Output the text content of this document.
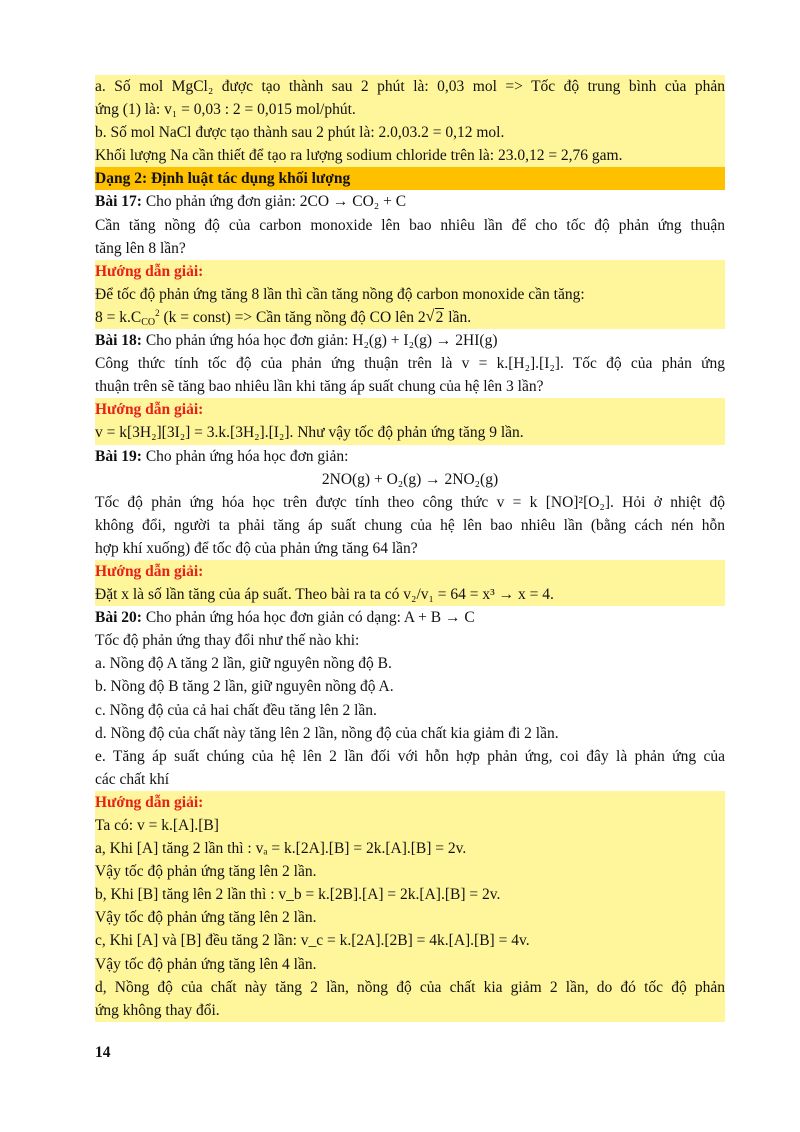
a. Số mol MgCl₂ được tạo thành sau 2 phút là: 0,03 mol => Tốc độ trung bình của phản
ứng (1) là: v₁ = 0,03 : 2 = 0,015 mol/phút.
b. Số mol NaCl được tạo thành sau 2 phút là: 2.0,03.2 = 0,12 mol.
Khối lượng Na cần thiết để tạo ra lượng sodium chloride trên là: 23.0,12 = 2,76 gam.
Dạng 2: Định luật tác dụng khối lượng
Bài 17: Cho phản ứng đơn giản: 2CO → CO₂ + C
Cần tăng nồng độ của carbon monoxide lên bao nhiêu lần để cho tốc độ phản ứng thuận
tăng lên 8 lần?
Hướng dẫn giải:
Để tốc độ phản ứng tăng 8 lần thì cần tăng nồng độ carbon monoxide cần tăng:
$8 = k.C_{CO}^2$ (k = const) => Cần tăng nồng độ CO lên 2√ 2 lần.
Bài 18: Cho phản ứng hóa học đơn giản: H₂(g) + I₂(g) → 2HI(g)
Công thức tính tốc độ của phản ứng thuận trên là v = k.[H₂].[I₂]. Tốc độ của phản ứng
thuận trên sẽ tăng bao nhiêu lần khi tăng áp suất chung của hệ lên 3 lần?
Hướng dẫn giải:
v = k[3H₂][3I₂] = 3.k.[3H₂].[I₂]. Như vậy tốc độ phản ứng tăng 9 lần.
Bài 19: Cho phản ứng hóa học đơn giản:
2NO(g) + O₂(g) → 2NO₂(g)
Tốc độ phản ứng hóa học trên được tính theo công thức v = k [NO]²[O₂]. Hỏi ở nhiệt độ
không đổi, người ta phải tăng áp suất chung của hệ lên bao nhiêu lần (bằng cách nén hỗn
hợp khí xuống) để tốc độ của phản ứng tăng 64 lần?
Hướng dẫn giải:
Đặt x là số lần tăng của áp suất. Theo bài ra ta có v₂/v₁ = 64 = x³ → x = 4.
Bài 20: Cho phản ứng hóa học đơn giản có dạng: A + B → C
Tốc độ phản ứng thay đổi như thế nào khi:
a. Nồng độ A tăng 2 lần, giữ nguyên nồng độ B.
b. Nồng độ B tăng 2 lần, giữ nguyên nồng độ A.
c. Nồng độ của cả hai chất đều tăng lên 2 lần.
d. Nồng độ của chất này tăng lên 2 lần, nồng độ của chất kia giảm đi 2 lần.
e. Tăng áp suất chúng của hệ lên 2 lần đối với hỗn hợp phản ứng, coi đây là phản ứng của
các chất khí
Hướng dẫn giải:
Ta có: v = k.[A].[B]
a, Khi [A] tăng 2 lần thì : vₐ = k.[2A].[B] = 2k.[A].[B] = 2v.
Vậy tốc độ phản ứng tăng lên 2 lần.
b, Khi [B] tăng lên 2 lần thì : v_b = k.[2B].[A] = 2k.[A].[B] = 2v.
Vậy tốc độ phản ứng tăng lên 2 lần.
c, Khi [A] và [B] đều tăng 2 lần: v_c = k.[2A].[2B] = 4k.[A].[B] = 4v.
Vậy tốc độ phản ứng tăng lên 4 lần.
d, Nồng độ của chất này tăng 2 lần, nồng độ của chất kia giảm 2 lần, do đó tốc độ phản
ứng không thay đổi.
14
